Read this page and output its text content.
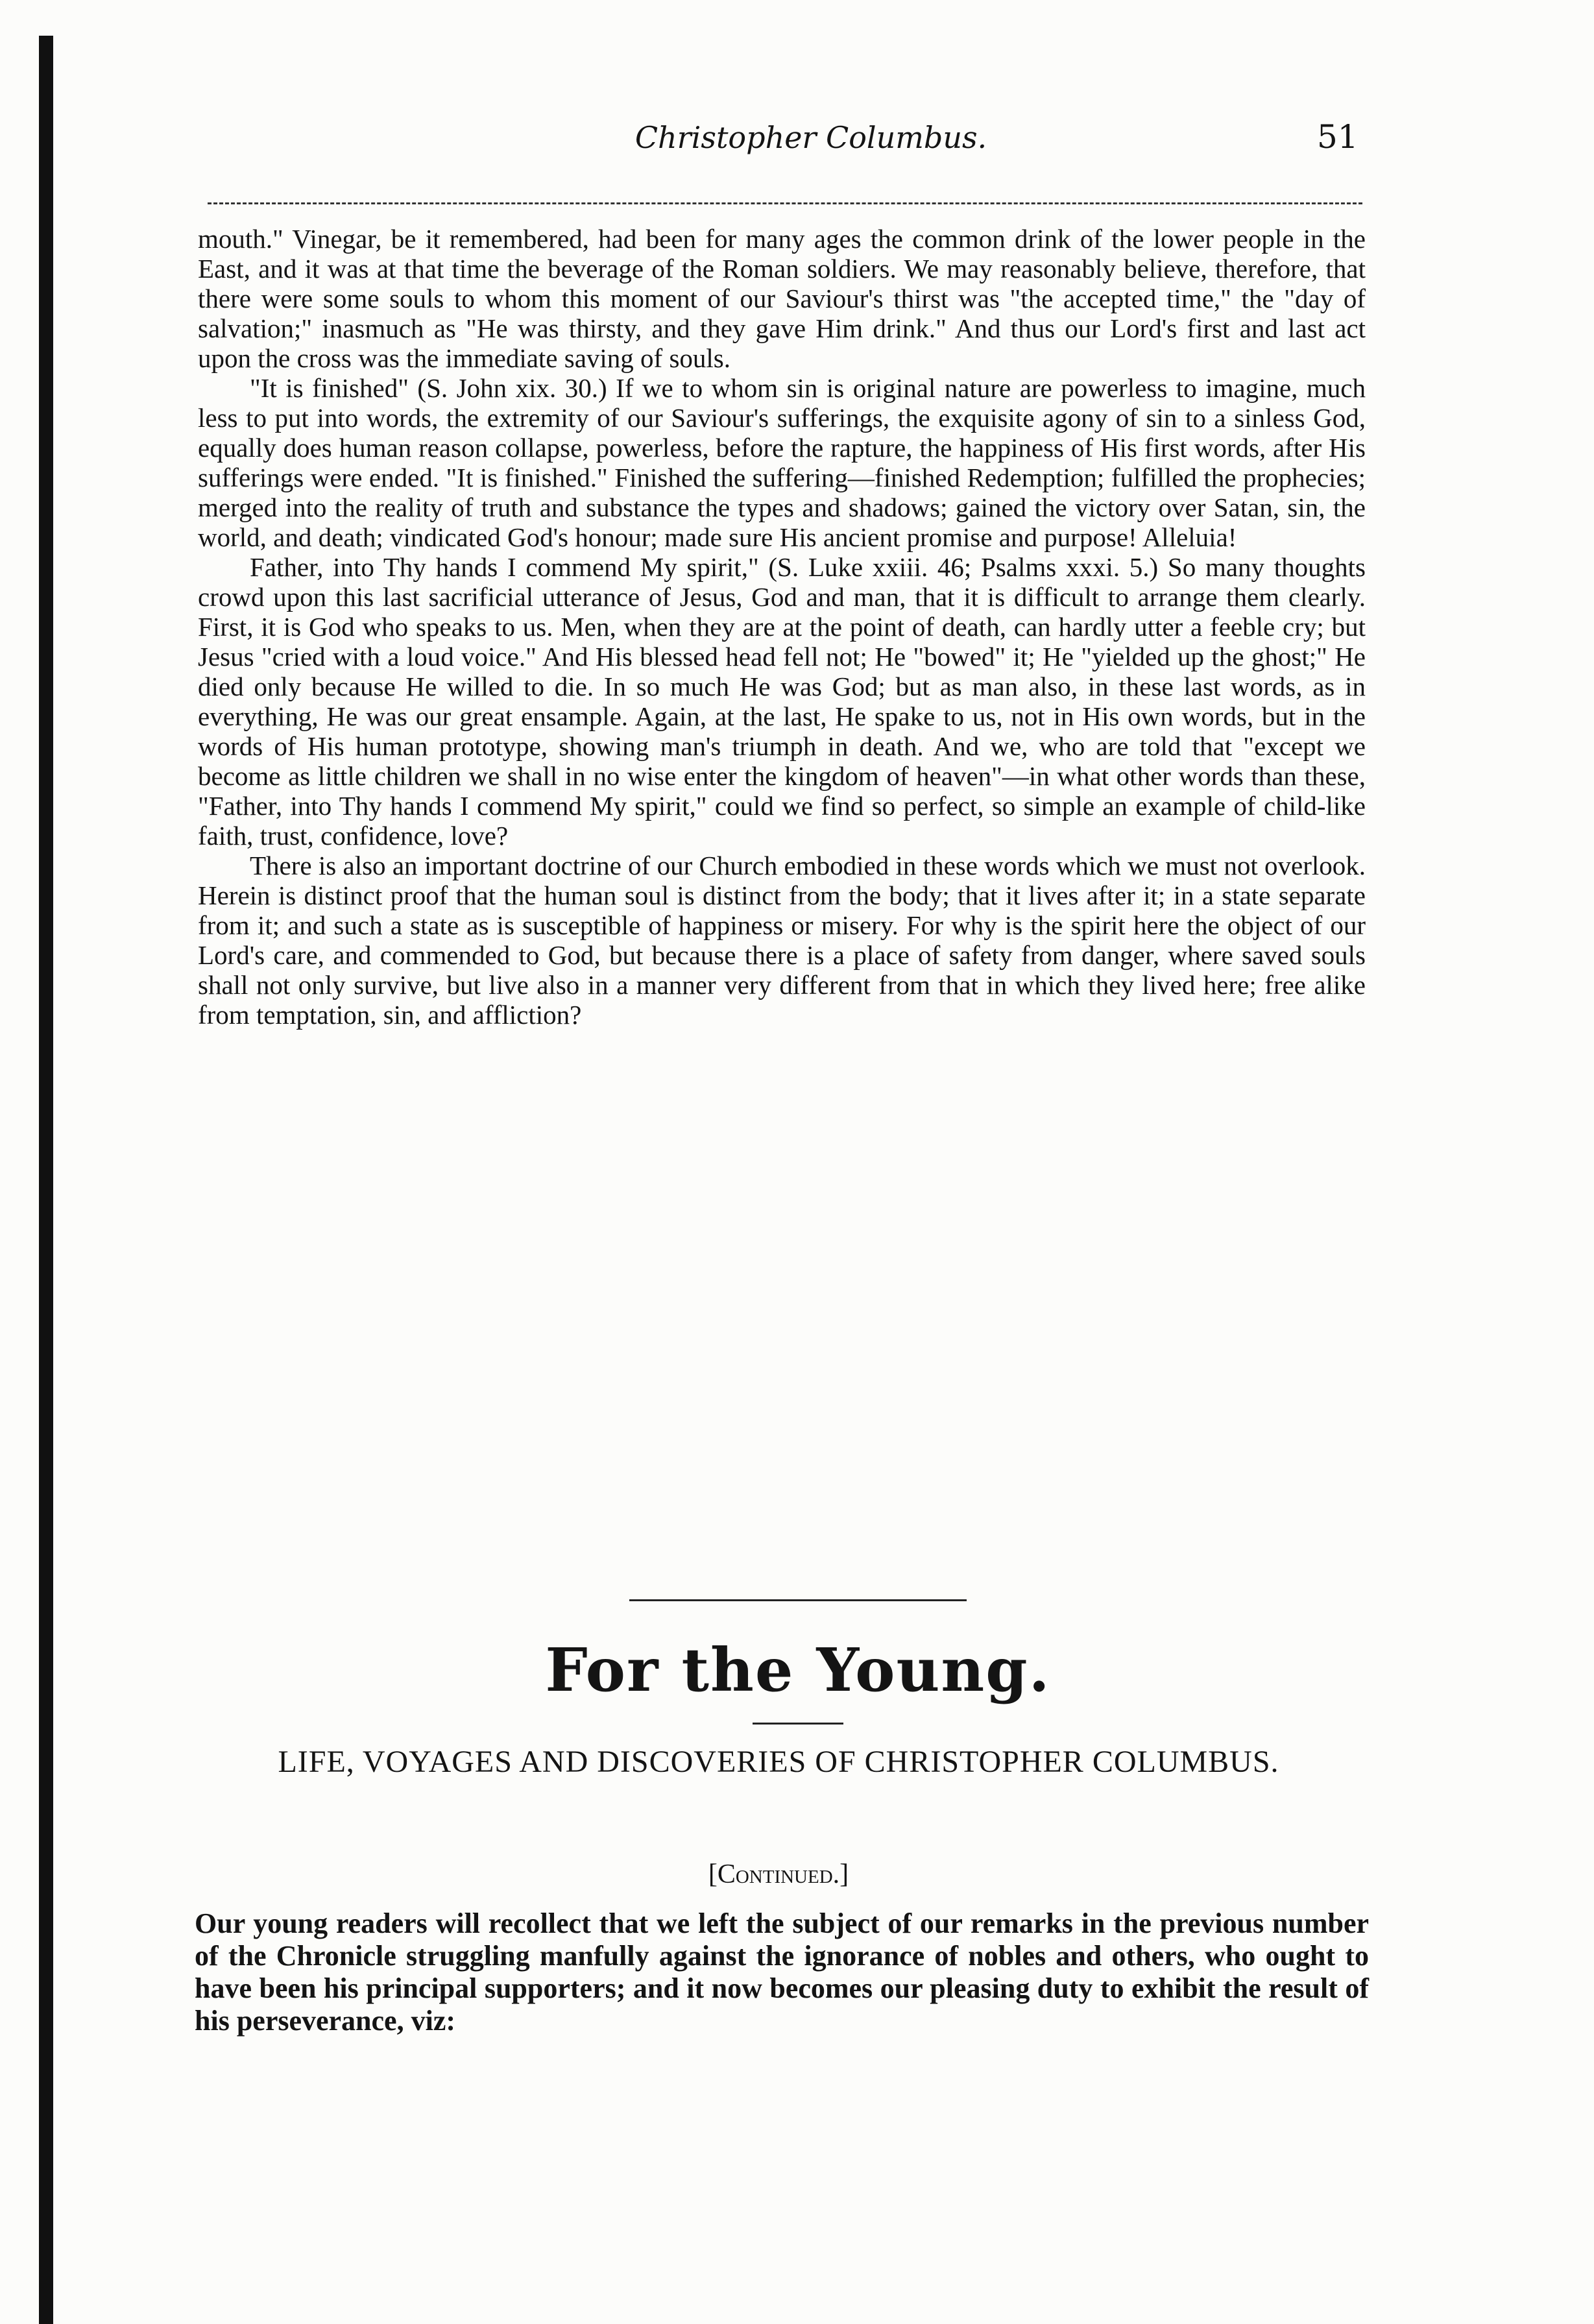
Christopher Columbus.	51

mouth." Vinegar, be it remembered, had been for many ages the common drink of the lower people in the East, and it was at that time the beverage of the Roman soldiers. We may reasonably believe, therefore, that there were some souls to whom this moment of our Saviour's thirst was "the accepted time," the "day of salvation;" inasmuch as "He was thirsty, and they gave Him drink." And thus our Lord's first and last act upon the cross was the immediate saving of souls.

"It is finished" (S. John xix. 30.) If we to whom sin is original nature are powerless to imagine, much less to put into words, the extremity of our Saviour's sufferings, the exquisite agony of sin to a sinless God, equally does human reason collapse, powerless, before the rapture, the happiness of His first words, after His sufferings were ended. "It is finished." Finished the suffering—finished Redemption; fulfilled the prophecies; merged into the reality of truth and substance the types and shadows; gained the victory over Satan, sin, the world, and death; vindicated God's honour; made sure His ancient promise and purpose! Alleluia!

Father, into Thy hands I commend My spirit," (S. Luke xxiii. 46; Psalms xxxi. 5.) So many thoughts crowd upon this last sacrificial utterance of Jesus, God and man, that it is difficult to arrange them clearly. First, it is God who speaks to us. Men, when they are at the point of death, can hardly utter a feeble cry; but Jesus "cried with a loud voice." And His blessed head fell not; He "bowed" it; He "yielded up the ghost;" He died only because He willed to die. In so much He was God; but as man also, in these last words, as in everything, He was our great ensample. Again, at the last, He spake to us, not in His own words, but in the words of His human prototype, showing man's triumph in death. And we, who are told that "except we become as little children we shall in no wise enter the kingdom of heaven"—in what other words than these, "Father, into Thy hands I commend My spirit," could we find so perfect, so simple an example of child-like faith, trust, confidence, love?

There is also an important doctrine of our Church embodied in these words which we must not overlook. Herein is distinct proof that the human soul is distinct from the body; that it lives after it; in a state separate from it; and such a state as is susceptible of happiness or misery. For why is the spirit here the object of our Lord's care, and commended to God, but because there is a place of safety from danger, where saved souls shall not only survive, but live also in a manner very different from that in which they lived here; free alike from temptation, sin, and affliction?

For the Young.
LIFE, VOYAGES AND DISCOVERIES OF CHRISTOPHER COLUMBUS.
[Continued.]

Our young readers will recollect that we left the subject of our remarks in the previous number of the Chronicle struggling manfully against the ignorance of nobles and others, who ought to have been his principal supporters; and it now becomes our pleasing duty to exhibit the result of his perseverance, viz:
